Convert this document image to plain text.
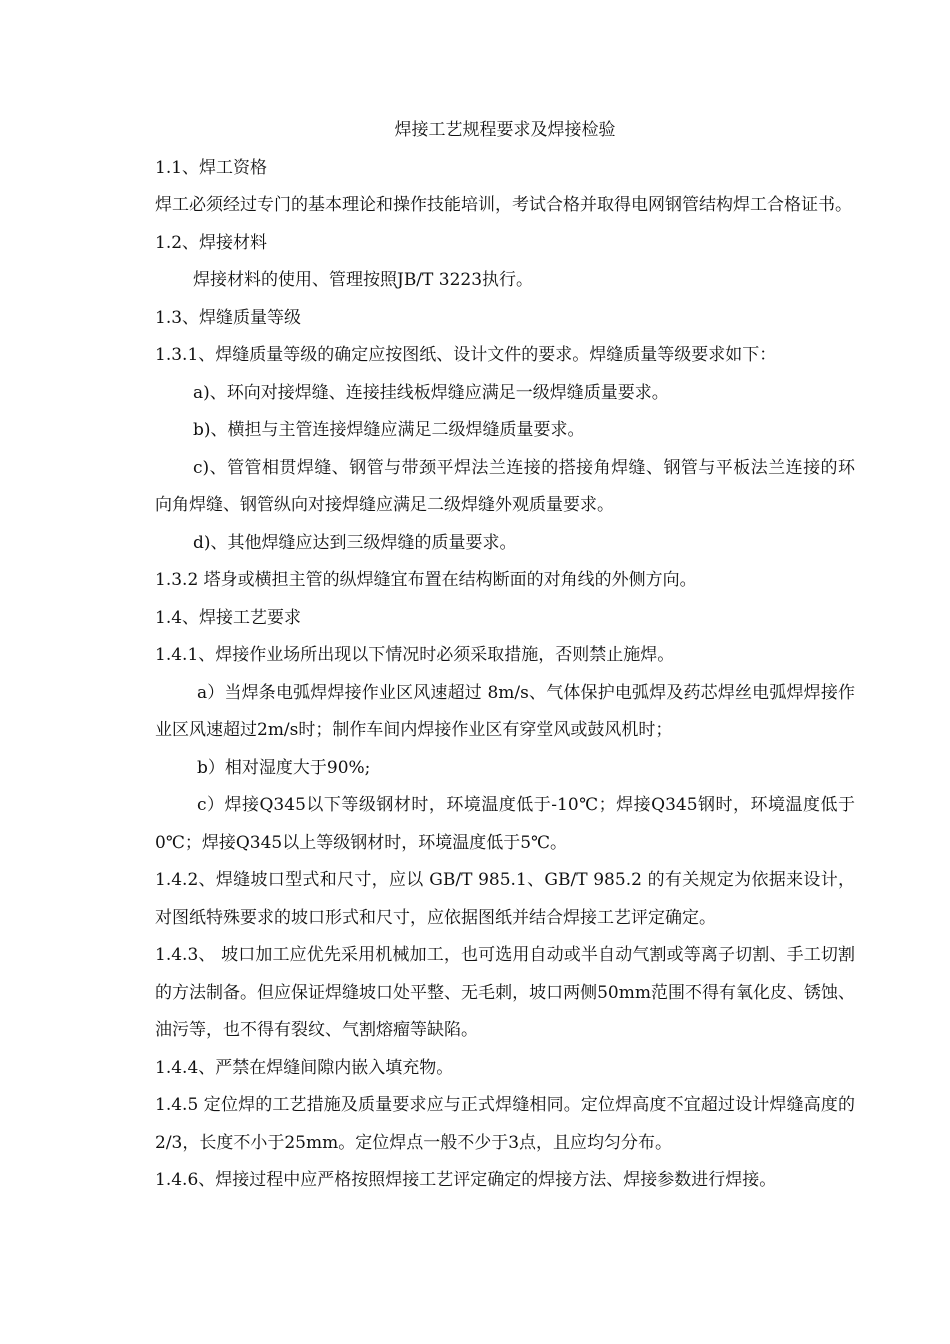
焊接工艺规程要求及焊接检验

1.1、焊工资格

焊工必须经过专门的基本理论和操作技能培训，考试合格并取得电网钢管结构焊工合格证书。

1.2、焊接材料

焊接材料的使用、管理按照JB/T 3223执行。

1.3、焊缝质量等级

1.3.1、焊缝质量等级的确定应按图纸、设计文件的要求。焊缝质量等级要求如下：

a)、环向对接焊缝、连接挂线板焊缝应满足一级焊缝质量要求。

b)、横担与主管连接焊缝应满足二级焊缝质量要求。

c)、管管相贯焊缝、钢管与带颈平焊法兰连接的搭接角焊缝、钢管与平板法兰连接的环向角焊缝、钢管纵向对接焊缝应满足二级焊缝外观质量要求。

d)、其他焊缝应达到三级焊缝的质量要求。

1.3.2 塔身或横担主管的纵焊缝宜布置在结构断面的对角线的外侧方向。

1.4、焊接工艺要求

1.4.1、焊接作业场所出现以下情况时必须采取措施，否则禁止施焊。

a）当焊条电弧焊焊接作业区风速超过 8m/s、气体保护电弧焊及药芯焊丝电弧焊焊接作业区风速超过2m/s时；制作车间内焊接作业区有穿堂风或鼓风机时；

b）相对湿度大于90%;

c）焊接Q345以下等级钢材时，环境温度低于-10℃；焊接Q345钢时，环境温度低于0℃；焊接Q345以上等级钢材时，环境温度低于5℃。

1.4.2、焊缝坡口型式和尺寸，应以 GB/T 985.1、GB/T 985.2 的有关规定为依据来设计，对图纸特殊要求的坡口形式和尺寸，应依据图纸并结合焊接工艺评定确定。

1.4.3、 坡口加工应优先采用机械加工，也可选用自动或半自动气割或等离子切割、手工切割的方法制备。但应保证焊缝坡口处平整、无毛刺，坡口两侧50mm范围不得有氧化皮、锈蚀、油污等，也不得有裂纹、气割熔瘤等缺陷。

1.4.4、严禁在焊缝间隙内嵌入填充物。

1.4.5 定位焊的工艺措施及质量要求应与正式焊缝相同。定位焊高度不宜超过设计焊缝高度的2/3，长度不小于25mm。定位焊点一般不少于3点，且应均匀分布。

1.4.6、焊接过程中应严格按照焊接工艺评定确定的焊接方法、焊接参数进行焊接。
